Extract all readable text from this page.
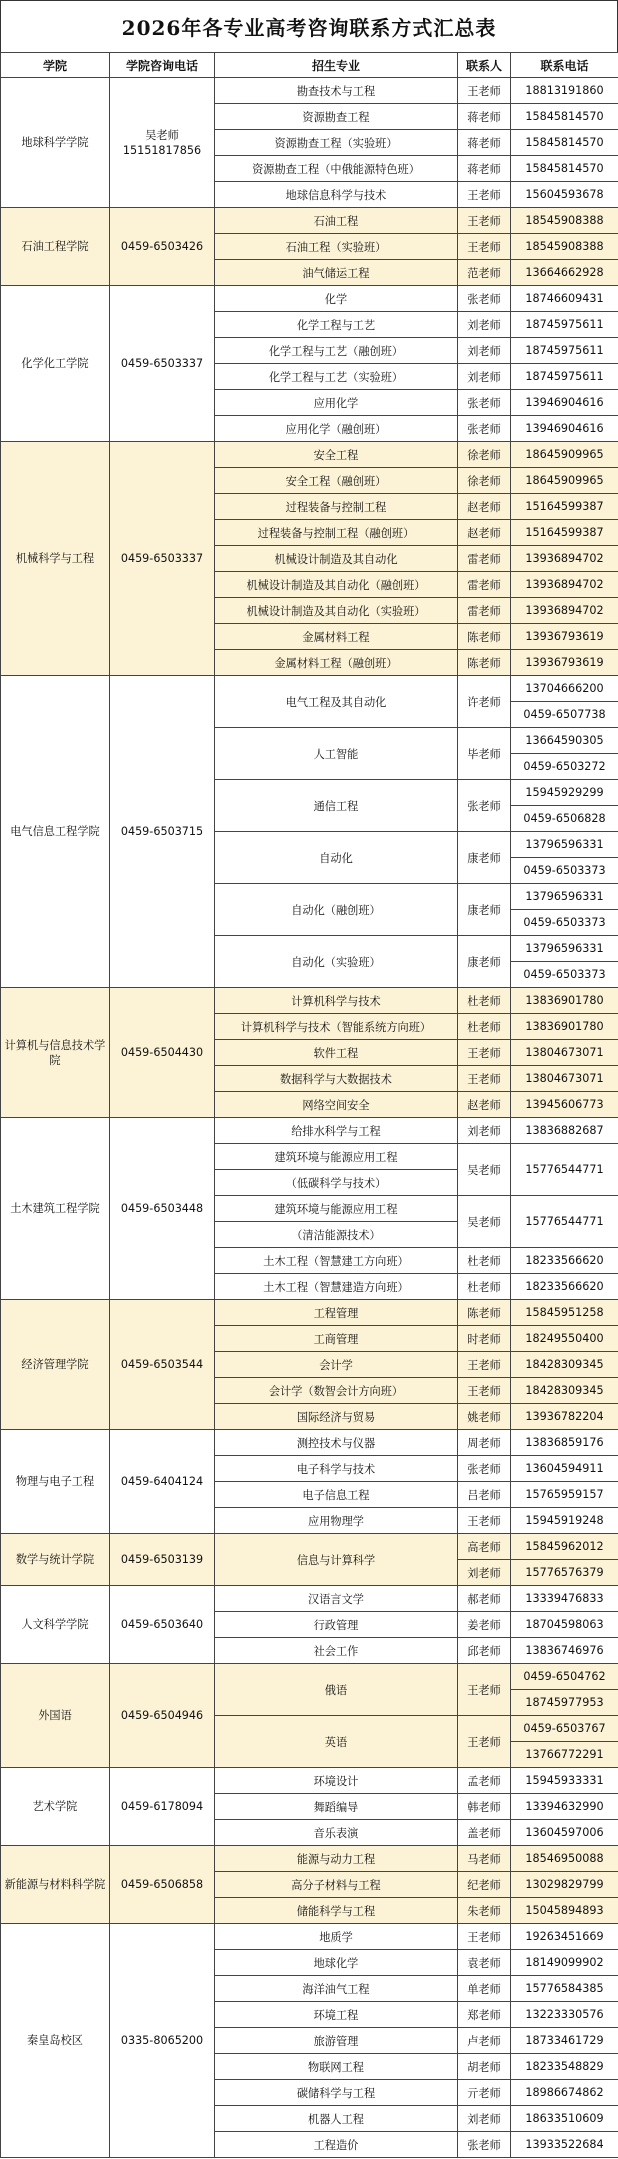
2026年各专业高考咨询联系方式汇总表
学院	学院咨询电话	招生专业	联系人	联系电话
地球科学学院	吴老师 15151817856	勘查技术与工程	王老师	18813191860
		资源勘查工程	蒋老师	15845814570
		资源勘查工程（实验班）	蒋老师	15845814570
		资源勘查工程（中俄能源特色班）	蒋老师	15845814570
		地球信息科学与技术	王老师	15604593678
石油工程学院	0459-6503426	石油工程	王老师	18545908388
		石油工程（实验班）	王老师	18545908388
		油气储运工程	范老师	13664662928
化学化工学院	0459-6503337	化学	张老师	18746609431
		化学工程与工艺	刘老师	18745975611
		化学工程与工艺（融创班）	刘老师	18745975611
		化学工程与工艺（实验班）	刘老师	18745975611
		应用化学	张老师	13946904616
		应用化学（融创班）	张老师	13946904616
机械科学与工程	0459-6503337	安全工程	徐老师	18645909965
		安全工程（融创班）	徐老师	18645909965
		过程装备与控制工程	赵老师	15164599387
		过程装备与控制工程（融创班）	赵老师	15164599387
		机械设计制造及其自动化	雷老师	13936894702
		机械设计制造及其自动化（融创班）	雷老师	13936894702
		机械设计制造及其自动化（实验班）	雷老师	13936894702
		金属材料工程	陈老师	13936793619
		金属材料工程（融创班）	陈老师	13936793619
电气信息工程学院	0459-6503715	电气工程及其自动化	许老师	13704666200
				0459-6507738
		人工智能	毕老师	13664590305
				0459-6503272
		通信工程	张老师	15945929299
				0459-6506828
		自动化	康老师	13796596331
				0459-6503373
		自动化（融创班）	康老师	13796596331
				0459-6503373
		自动化（实验班）	康老师	13796596331
				0459-6503373
计算机与信息技术学院	0459-6504430	计算机科学与技术	杜老师	13836901780
		计算机科学与技术（智能系统方向班）	杜老师	13836901780
		软件工程	王老师	13804673071
		数据科学与大数据技术	王老师	13804673071
		网络空间安全	赵老师	13945606773
土木建筑工程学院	0459-6503448	给排水科学与工程	刘老师	13836882687
		建筑环境与能源应用工程	吴老师	15776544771
		（低碳科学与技术）		
		建筑环境与能源应用工程	吴老师	15776544771
		（清洁能源技术）		
		土木工程（智慧建工方向班）	杜老师	18233566620
		土木工程（智慧建造方向班）	杜老师	18233566620
经济管理学院	0459-6503544	工程管理	陈老师	15845951258
		工商管理	时老师	18249550400
		会计学	王老师	18428309345
		会计学（数智会计方向班）	王老师	18428309345
		国际经济与贸易	姚老师	13936782204
物理与电子工程	0459-6404124	测控技术与仪器	周老师	13836859176
		电子科学与技术	张老师	13604594911
		电子信息工程	吕老师	15765959157
		应用物理学	王老师	15945919248
数学与统计学院	0459-6503139	信息与计算科学	高老师	15845962012
			刘老师	15776576379
人文科学学院	0459-6503640	汉语言文学	郝老师	13339476833
		行政管理	姜老师	18704598063
		社会工作	邱老师	13836746976
外国语	0459-6504946	俄语	王老师	0459-6504762
				18745977953
		英语	王老师	0459-6503767
				13766772291
艺术学院	0459-6178094	环境设计	孟老师	15945933331
		舞蹈编导	韩老师	13394632990
		音乐表演	盖老师	13604597006
新能源与材料科学院	0459-6506858	能源与动力工程	马老师	18546950088
		高分子材料与工程	纪老师	13029829799
		储能科学与工程	朱老师	15045894893
秦皇岛校区	0335-8065200	地质学	王老师	19263451669
		地球化学	袁老师	18149099902
		海洋油气工程	单老师	15776584385
		环境工程	郑老师	13223330576
		旅游管理	卢老师	18733461729
		物联网工程	胡老师	18233548829
		碳储科学与工程	亓老师	18986674862
		机器人工程	刘老师	18633510609
		工程造价	张老师	13933522684
